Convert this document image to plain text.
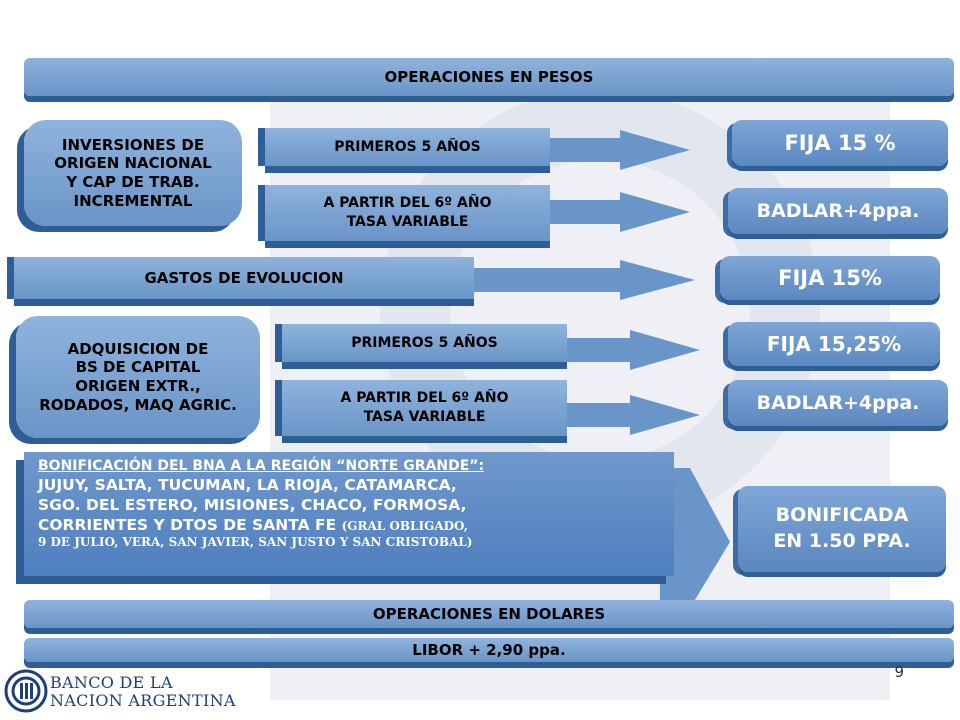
OPERACIONES EN PESOS
INVERSIONES DE
ORIGEN NACIONAL
Y CAP DE TRAB.
INCREMENTAL
PRIMEROS 5 AÑOS
A PARTIR DEL 6º AÑO
TASA VARIABLE
FIJA 15 %
BADLAR+4ppa.
GASTOS DE EVOLUCION	FIJA 15%
ADQUISICION DE
BS DE CAPITAL
ORIGEN EXTR.,
RODADOS, MAQ AGRIC.
PRIMEROS 5 AÑOS
A PARTIR DEL 6º AÑO
TASA VARIABLE
FIJA 15,25%
BADLAR+4ppa.
BONIFICACIÓN DEL BNA A LA REGIÓN “NORTE GRANDE”:
JUJUY, SALTA, TUCUMAN, LA RIOJA, CATAMARCA,
SGO. DEL ESTERO, MISIONES, CHACO, FORMOSA,
CORRIENTES Y DTOS DE SANTA FE (GRAL OBLIGADO,
9 DE JULIO, VERA, SAN JAVIER, SAN JUSTO Y SAN CRISTOBAL)
BONIFICADA
EN 1.50 PPA.
OPERACIONES EN DOLARES
LIBOR + 2,90 ppa.
BANCO DE LA
NACION ARGENTINA
9
